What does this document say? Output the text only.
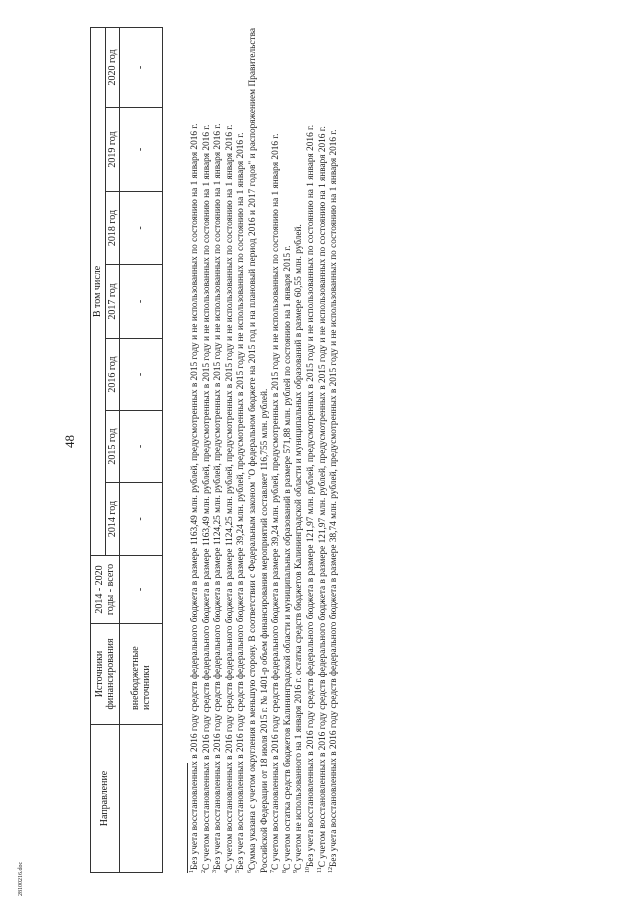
48
28100216.doc
Направление	Источники финансирования	2014 - 2020 годы - всего	В том числе						
			2014 год	2015 год	2016 год	2017 год	2018 год	2019 год	2020 год
	внебюджетные источники	-	-	-	-	-	-	-	-

$^1$Без учета восстановленных в 2016 году средств федерального бюджета в размере 1163,49 млн. рублей, предусмотренных в 2015 году и не использованных по состоянию на 1 января 2016 г.

$^2$С учетом восстановленных в 2016 году средств федерального бюджета в размере 1163,49 млн. рублей, предусмотренных в 2015 году и не использованных по состоянию на 1 января 2016 г.

$^3$Без учета восстановленных в 2016 году средств федерального бюджета в размере 1124,25 млн. рублей, предусмотренных в 2015 году и не использованных по состоянию на 1 января 2016 г.

$^4$С учетом восстановленных в 2016 году средств федерального бюджета в размере 1124,25 млн. рублей, предусмотренных в 2015 году и не использованных по состоянию на 1 января 2016 г.

$^5$Без учета восстановленных в 2016 году средств федерального бюджета в размере 39,24 млн. рублей, предусмотренных в 2015 году и не использованных по состоянию на 1 января 2016 г.

$^6$Сумма указана с учетом округления в меньшую сторону. В соответствии с Федеральным законом "О федеральном бюджете на 2015 год и на плановый период 2016 и 2017 годов" и распоряжением Правительства Российской Федерации от 18 июля 2015 г. № 1401-р объем финансирования мероприятий составляет 116,755 млн. рублей. $^7$С учетом восстановленных в 2016 году средств федерального бюджета в размере 39,24 млн. рублей, предусмотренных в 2015 году и не использованных по состоянию на 1 января 2016 г.

$^8$С учетом остатка средств бюджетов Калининградской области и муниципальных образований в размере 571,88 млн. рублей по состоянию на 1 января 2015 г.

$^9$С учетом не использованного на 1 января 2016 г. остатка средств бюджетов Калининградской области и муниципальных образований в размере 60,55 млн. рублей. $^{10}$Без учета восстановленных в 2016 году средств федерального бюджета в размере 121,97 млн. рублей, предусмотренных в 2015 году и не использованных по состоянию на 1 января 2016 г.

$^{11}$С учетом восстановленных в 2016 году средств федерального бюджета в размере 121,97 млн. рублей, предусмотренных в 2015 году и не использованных по состоянию на 1 января 2016 г.

$^{12}$Без учета восстановленных в 2016 году средств федерального бюджета в размере 38,74 млн. рублей, предусмотренных в 2015 году и не использованных по состоянию на 1 января 2016 г.
